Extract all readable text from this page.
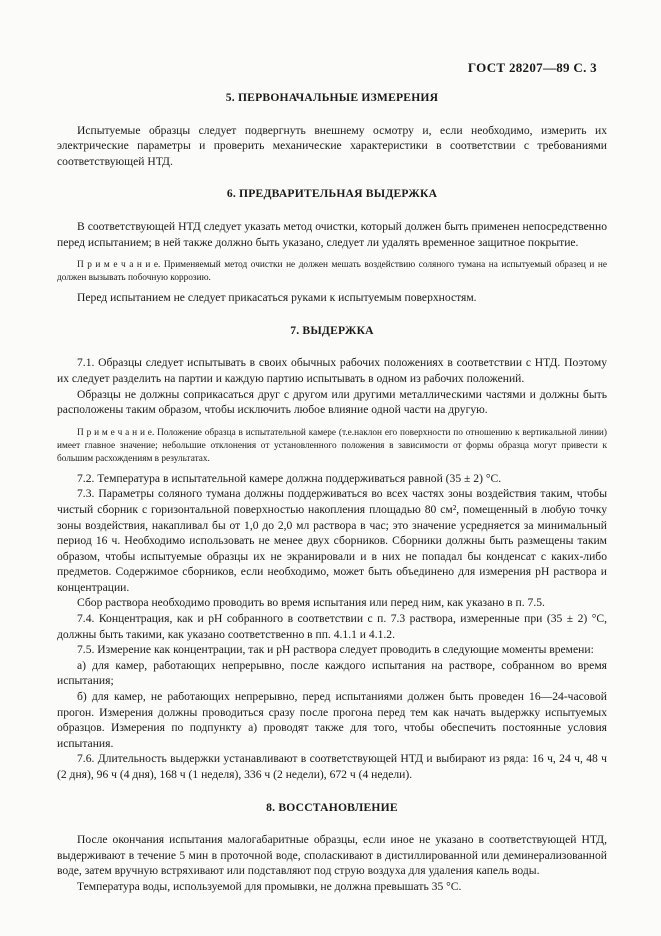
ГОСТ 28207—89 С. 3
5. ПЕРВОНАЧАЛЬНЫЕ ИЗМЕРЕНИЯ

Испытуемые образцы следует подвергнуть внешнему осмотру и, если необходимо, измерить их электрические параметры и проверить механические характеристики в соответствии с требованиями соответствующей НТД.

6. ПРЕДВАРИТЕЛЬНАЯ ВЫДЕРЖКА

В соответствующей НТД следует указать метод очистки, который должен быть применен непосредственно перед испытанием; в ней также должно быть указано, следует ли удалять временное защитное покрытие.

П р и м е ч а н и е. Применяемый метод очистки не должен мешать воздействию соляного тумана на испытуемый образец и не должен вызывать побочную коррозию.

Перед испытанием не следует прикасаться руками к испытуемым поверхностям.

7. ВЫДЕРЖКА

7.1. Образцы следует испытывать в своих обычных рабочих положениях в соответствии с НТД. Поэтому их следует разделить на партии и каждую партию испытывать в одном из рабочих положений.

Образцы не должны соприкасаться друг с другом или другими металлическими частями и должны быть расположены таким образом, чтобы исключить любое влияние одной части на другую.

П р и м е ч а н и е. Положение образца в испытательной камере (т.е.наклон его поверхности по отношению к вертикальной линии) имеет главное значение; небольшие отклонения от установленного положения в зависимости от формы образца могут привести к большим расхождениям в результатах.

7.2. Температура в испытательной камере должна поддерживаться равной (35 ± 2) °С.

7.3. Параметры соляного тумана должны поддерживаться во всех частях зоны воздействия таким, чтобы чистый сборник с горизонтальной поверхностью накопления площадью 80 см², помещенный в любую точку зоны воздействия, накапливал бы от 1,0 до 2,0 мл раствора в час; это значение усредняется за минимальный период 16 ч. Необходимо использовать не менее двух сборников. Сборники должны быть размещены таким образом, чтобы испытуемые образцы их не экранировали и в них не попадал бы конденсат с каких-либо предметов. Содержимое сборников, если необходимо, может быть объединено для измерения рН раствора и концентрации.

Сбор раствора необходимо проводить во время испытания или перед ним, как указано в п. 7.5.

7.4. Концентрация, как и рН собранного в соответствии с п. 7.3 раствора, измеренные при (35 ± 2) °С, должны быть такими, как указано соответственно в пп. 4.1.1 и 4.1.2.

7.5. Измерение как концентрации, так и рН раствора следует проводить в следующие моменты времени:

а) для камер, работающих непрерывно, после каждого испытания на растворе, собранном во время испытания;

б) для камер, не работающих непрерывно, перед испытаниями должен быть проведен 16—24-часовой прогон. Измерения должны проводиться сразу после прогона перед тем как начать выдержку испытуемых образцов. Измерения по подпункту а) проводят также для того, чтобы обеспечить постоянные условия испытания.

7.6. Длительность выдержки устанавливают в соответствующей НТД и выбирают из ряда: 16 ч, 24 ч, 48 ч (2 дня), 96 ч (4 дня), 168 ч (1 неделя), 336 ч (2 недели), 672 ч (4 недели).

8. ВОССТАНОВЛЕНИЕ

После окончания испытания малогабаритные образцы, если иное не указано в соответствующей НТД, выдерживают в течение 5 мин в проточной воде, споласкивают в дистиллированной или деминерализованной воде, затем вручную встряхивают или подставляют под струю воздуха для удаления капель воды.

Температура воды, используемой для промывки, не должна превышать 35 °С.
